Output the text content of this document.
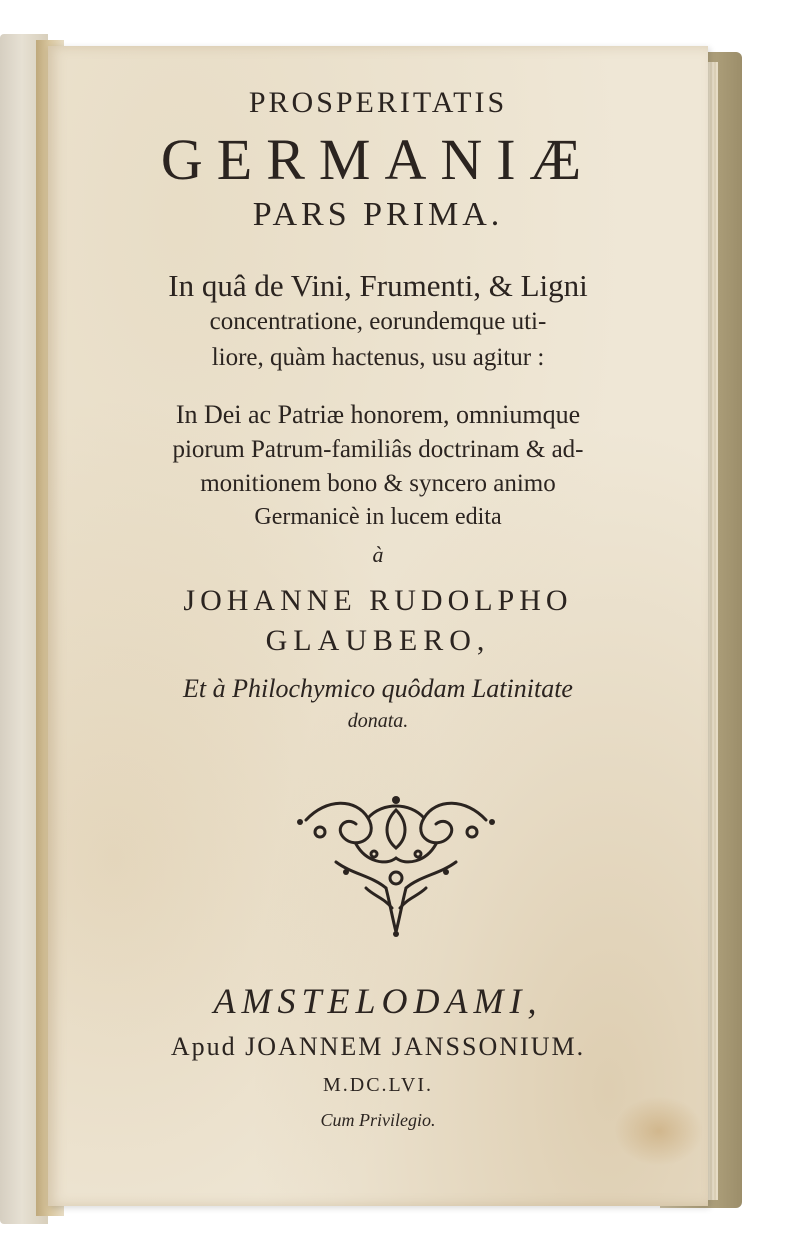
PROSPERITATIS
GERMANIÆ
PARS PRIMA.
In quâ de Vini, Frumenti, & Ligni
concentratione, eorundemque uti-
liore, quàm hactenus, usu agitur :
In Dei ac Patriæ honorem, omniumque
piorum Patrum-familiâs doctrinam & ad-
monitionem bono & syncero animo
Germanicè in lucem edita
à
JOHANNE RUDOLPHO
GLAUBERO,
Et à Philochymico quôdam Latinitate
donata.
AMSTELODAMI,
Apud JOANNEM JANSSONIUM.
M.DC.LVI.
Cum Privilegio.
